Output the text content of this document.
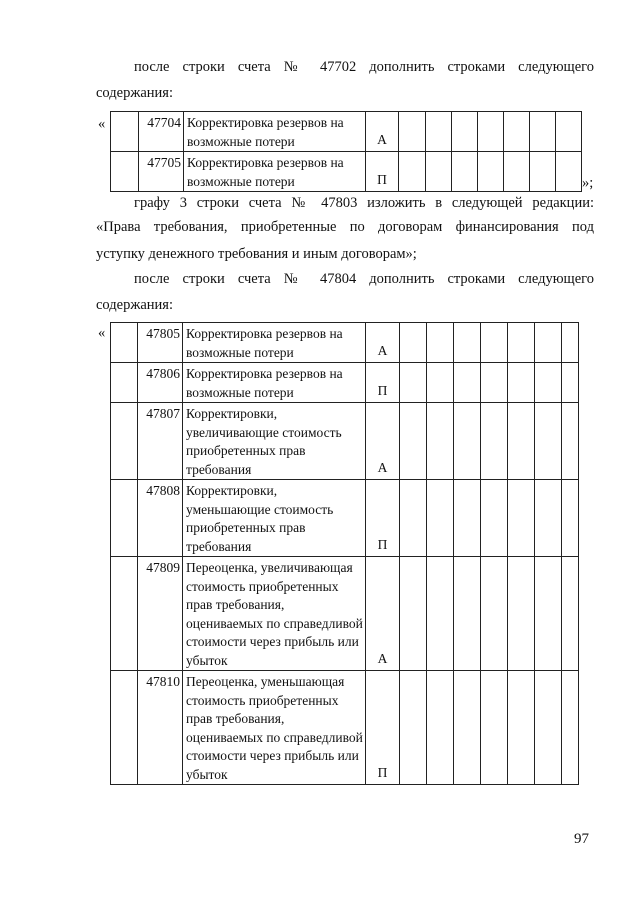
после строки счета № 47702 дополнить строками следующего

содержания:

«
		47704	Корректировка резервов на возможные потери	А							
	47705	Корректировка резервов на возможные потери	П								»;

графу 3 строки счета № 47803 изложить в следующей редакции:

«Права требования, приобретенные по договорам финансирования под

уступку денежного требования и иным договорам»;

после строки счета № 47804 дополнить строками следующего

содержания:

«
		47805	Корректировка резервов на возможные потери	А							
	47806	Корректировка резервов на возможные потери	П							
	47807	Корректировки, увеличивающие стоимость приобретенных прав требования	А							
	47808	Корректировки, уменьшающие стоимость приобретенных прав требования	П							
	47809	Переоценка, увеличивающая стоимость приобретенных прав требования, оцениваемых по справедливой стоимости через прибыль или убыток	А							
	47810	Переоценка, уменьшающая стоимость приобретенных прав требования, оцениваемых по справедливой стоимости через прибыль или убыток	П							
97
